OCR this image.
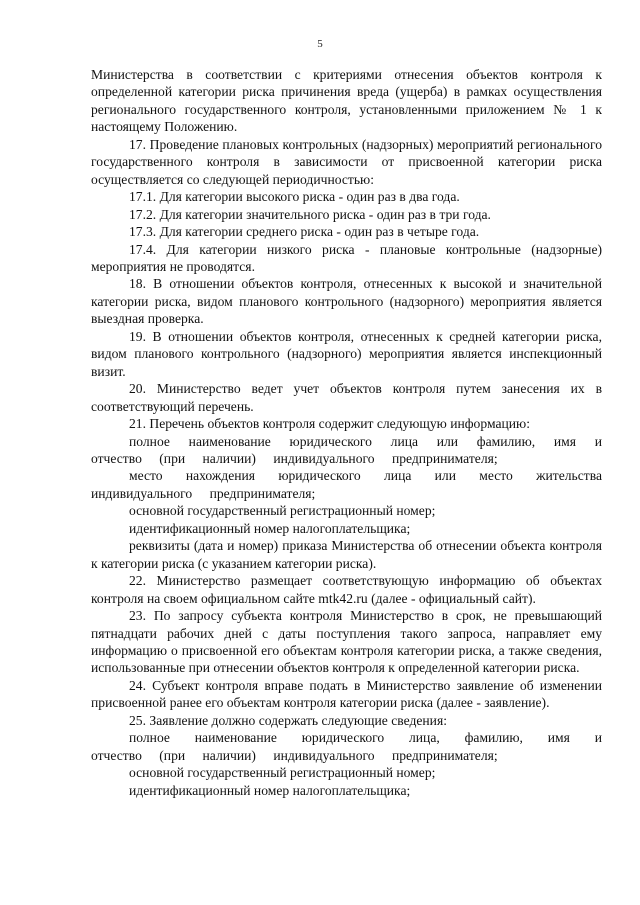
5

Министерства в соответствии с критериями отнесения объектов контроля к определенной категории риска причинения вреда (ущерба) в рамках осуществления регионального государственного контроля, установленными приложением № 1 к настоящему Положению.

17. Проведение плановых контрольных (надзорных) мероприятий регионального государственного контроля в зависимости от присвоенной категории риска осуществляется со следующей периодичностью:

17.1. Для категории высокого риска - один раз в два года.

17.2. Для категории значительного риска - один раз в три года.

17.3. Для категории среднего риска - один раз в четыре года.

17.4. Для категории низкого риска - плановые контрольные (надзорные) мероприятия не проводятся.

18. В отношении объектов контроля, отнесенных к высокой и значительной категории риска, видом планового контрольного (надзорного) мероприятия является выездная проверка.

19. В отношении объектов контроля, отнесенных к средней категории риска, видом планового контрольного (надзорного) мероприятия является инспекционный визит.

20. Министерство ведет учет объектов контроля путем занесения их в соответствующий перечень.

21. Перечень объектов контроля содержит следующую информацию:

полное наименование юридического лица или фамилию, имя и отчество (при наличии) индивидуального предпринимателя;

место нахождения юридического лица или место жительства индивидуального предпринимателя;

основной государственный регистрационный номер;

идентификационный номер налогоплательщика;

реквизиты (дата и номер) приказа Министерства об отнесении объекта контроля к категории риска (с указанием категории риска).

22. Министерство размещает соответствующую информацию об объектах контроля на своем официальном сайте mtk42.ru (далее - официальный сайт).

23. По запросу субъекта контроля Министерство в срок, не превышающий пятнадцати рабочих дней с даты поступления такого запроса, направляет ему информацию о присвоенной его объектам контроля категории риска, а также сведения, использованные при отнесении объектов контроля к определенной категории риска.

24. Субъект контроля вправе подать в Министерство заявление об изменении присвоенной ранее его объектам контроля категории риска (далее - заявление).

25. Заявление должно содержать следующие сведения:

полное наименование юридического лица, фамилию, имя и отчество (при наличии) индивидуального предпринимателя;

основной государственный регистрационный номер;

идентификационный номер налогоплательщика;
